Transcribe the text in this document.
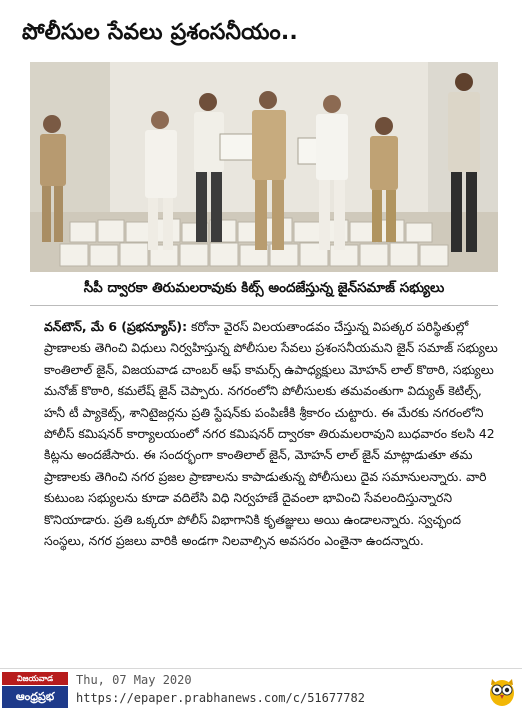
పోలీసుల సేవలు ప్రశంసనీయం..
సీపీ ద్వారకా తిరుమలరావుకు కిట్స్ అందజేస్తున్న జైన్‌సమాజ్ సభ్యులు

వన్‌టౌన్, మే 6 (ప్రభన్యూస్): కరోనా వైరస్ విలయతాండవం చేస్తున్న విపత్కర పరిస్థితుల్లో ప్రాణాలకు తెగించి విధులు నిర్వహిస్తున్న పోలీసుల సేవలు ప్రశంసనీయమని జైన్ సమాజ్ సభ్యులు కాంతిలాల్ జైన్, విజయవాడ చాంబర్ ఆఫ్ కామర్స్ ఉపాధ్యక్షులు మోహన్ లాల్ కొఠారి, సభ్యులు మనోజ్ కొఠారి, కమలేష్ జైన్ చెప్పారు. నగరంలోని పోలీసులకు తమవంతుగా విద్యుత్ కెటిల్స్, హనీ టీ ప్యాకెట్స్, శానిటైజర్లను ప్రతి స్టేషన్‌కు పంపిణీకి శ్రీకారం చుట్టారు. ఈ మేరకు నగరంలోని పోలీస్ కమిషనర్ కార్యాలయంలో నగర కమిషనర్ ద్వారకా తిరుమలరావుని బుధవారం కలసి 42 కిట్లను అందజేసారు. ఈ సందర్భంగా కాంతిలాల్ జైన్, మోహన్ లాల్ జైన్ మాట్లాడుతూ తమ ప్రాణాలకు తెగించి నగర ప్రజల ప్రాణాలను కాపాడుతున్న పోలీసులు దైవ సమానులన్నారు. వారి కుటుంబ సభ్యులను కూడా వదిలేసి విధి నిర్వహణే దైవంలా భావించి సేవలందిస్తున్నారని కొనియాడారు. ప్రతి ఒక్కరూ పోలీస్ విభాగానికి కృతజ్ఞులు అయి ఉండాలన్నారు. స్వచ్ఛంద సంస్థలు, నగర ప్రజలు వారికి అండగా నిలవాల్సిన అవసరం ఎంతైనా ఉందన్నారు.

విజయవాడ
ఆంధ్రప్రభ
Thu, 07 May 2020
https://epaper.prabhanews.com/c/51677782
